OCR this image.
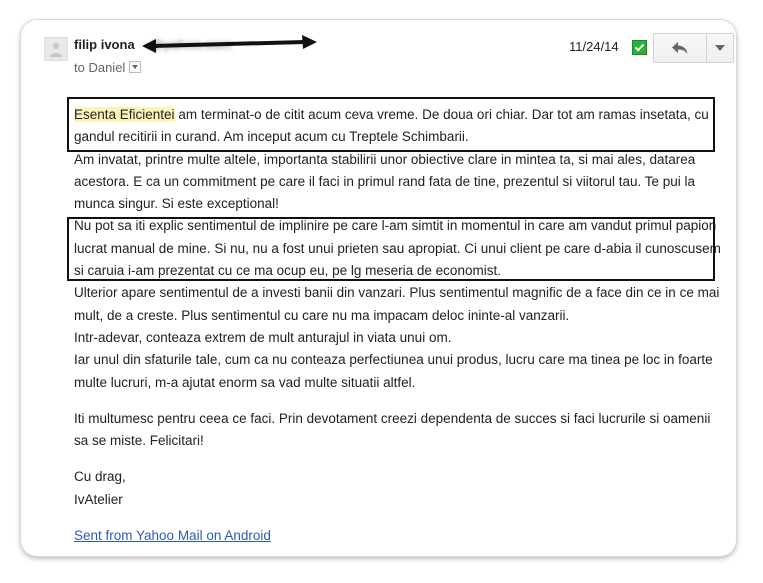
filip ivona
to Daniel
11/24/14

Esenta Eficientei am terminat-o de citit acum ceva vreme. De doua ori chiar. Dar tot am ramas insetata, cu gandul recitirii in curand. Am inceput acum cu Treptele Schimbarii.

Am invatat, printre multe altele, importanta stabilirii unor obiective clare in mintea ta, si mai ales, datarea acestora. E ca un commitment pe care il faci in primul rand fata de tine, prezentul si viitorul tau. Te pui la munca singur. Si este exceptional!

Nu pot sa iti explic sentimentul de implinire pe care l-am simtit in momentul in care am vandut primul papion lucrat manual de mine. Si nu, nu a fost unui prieten sau apropiat. Ci unui client pe care d-abia il cunoscusem si caruia i-am prezentat cu ce ma ocup eu, pe lg meseria de economist.

Ulterior apare sentimentul de a investi banii din vanzari. Plus sentimentul magnific de a face din ce in ce mai mult, de a creste. Plus sentimentul cu care nu ma impacam deloc ininte-al vanzarii.

Intr-adevar, conteaza extrem de mult anturajul in viata unui om.

Iar unul din sfaturile tale, cum ca nu conteaza perfectiunea unui produs, lucru care ma tinea pe loc in foarte multe lucruri, m-a ajutat enorm sa vad multe situatii altfel.

Iti multumesc pentru ceea ce faci. Prin devotament creezi dependenta de succes si faci lucrurile si oamenii sa se miste. Felicitari!

Cu drag,

IvAtelier

Sent from Yahoo Mail on Android
